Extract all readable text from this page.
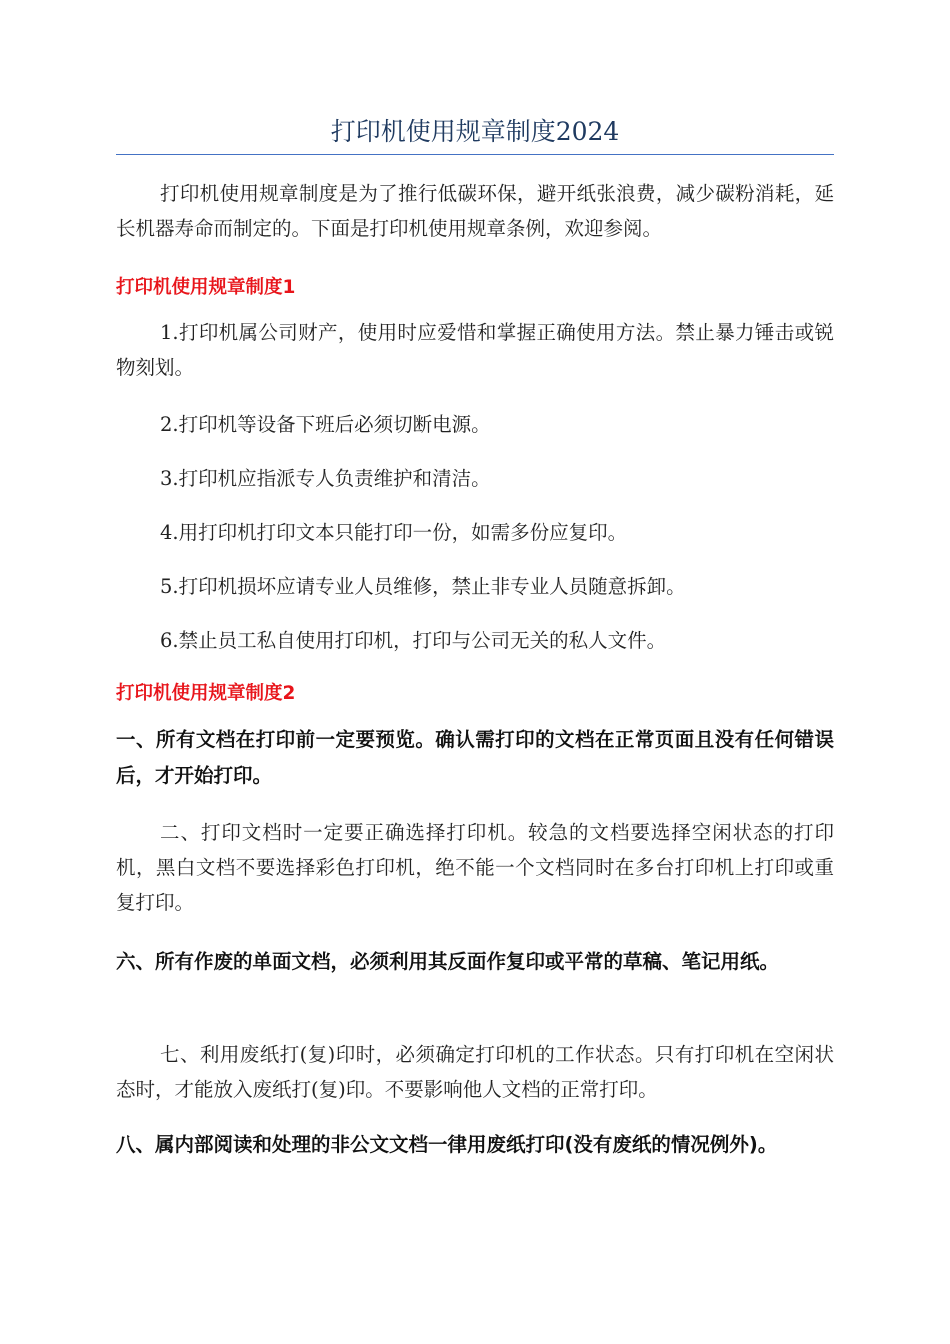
打印机使用规章制度2024

打印机使用规章制度是为了推行低碳环保，避开纸张浪费，减少碳粉消耗，延长机器寿命而制定的。下面是打印机使用规章条例，欢迎参阅。

打印机使用规章制度1

1.打印机属公司财产，使用时应爱惜和掌握正确使用方法。禁止暴力锤击或锐物刻划。

2.打印机等设备下班后必须切断电源。

3.打印机应指派专人负责维护和清洁。

4.用打印机打印文本只能打印一份，如需多份应复印。

5.打印机损坏应请专业人员维修，禁止非专业人员随意拆卸。

6.禁止员工私自使用打印机，打印与公司无关的私人文件。

打印机使用规章制度2

一、所有文档在打印前一定要预览。确认需打印的文档在正常页面且没有任何错误后，才开始打印。

二、打印文档时一定要正确选择打印机。较急的文档要选择空闲状态的打印机，黑白文档不要选择彩色打印机，绝不能一个文档同时在多台打印机上打印或重复打印。

六、所有作废的单面文档，必须利用其反面作复印或平常的草稿、笔记用纸。

七、利用废纸打(复)印时，必须确定打印机的工作状态。只有打印机在空闲状态时，才能放入废纸打(复)印。不要影响他人文档的正常打印。

八、属内部阅读和处理的非公文文档一律用废纸打印(没有废纸的情况例外)。
